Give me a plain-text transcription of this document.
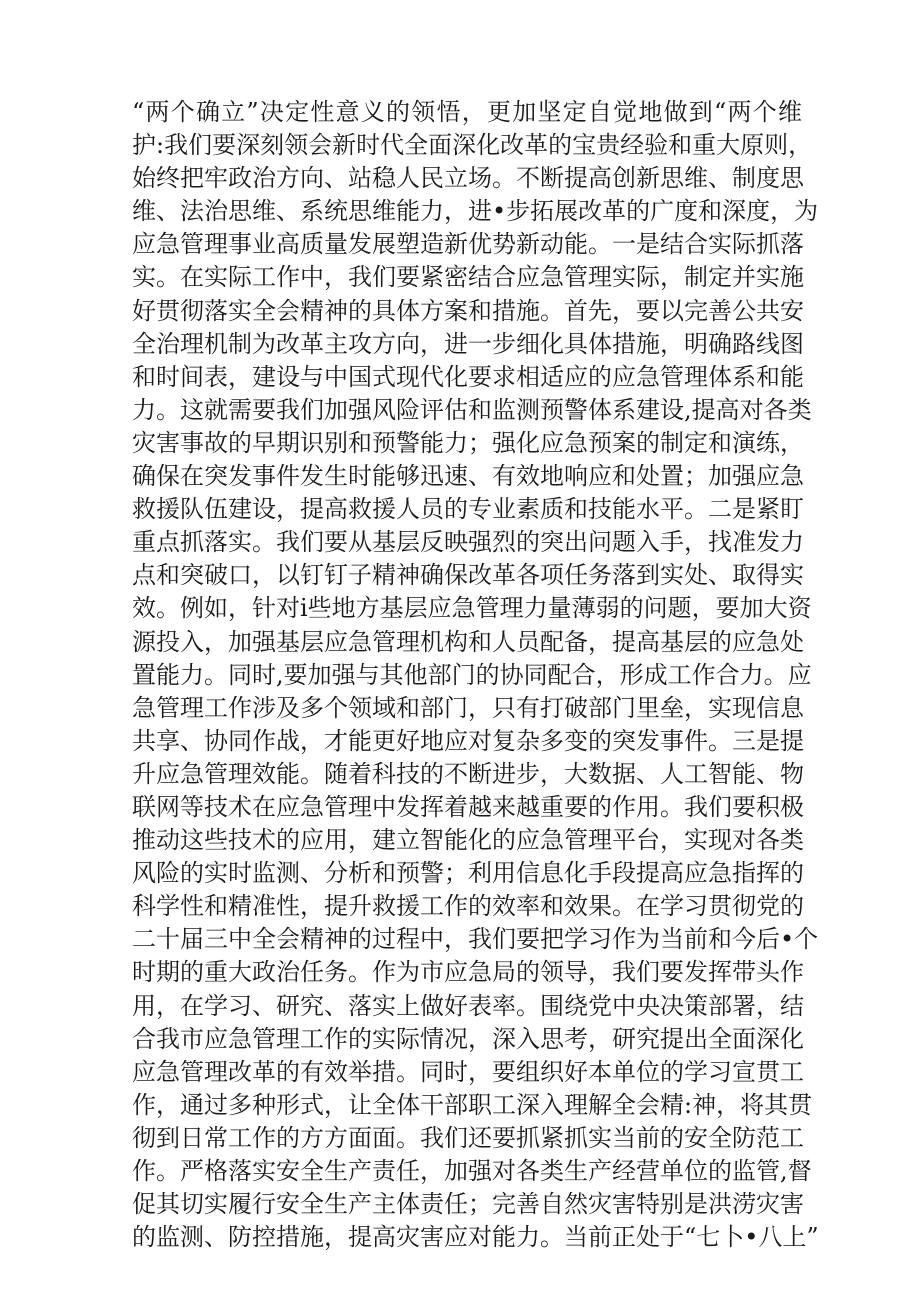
“两个确立”决定性意义的领悟，更加坚定自觉地做到“两个维
护:我们要深刻领会新时代全面深化改革的宝贵经验和重大原则，
始终把牢政治方向、站稳人民立场。不断提高创新思维、制度思
维、法治思维、系统思维能力，进•步拓展改革的广度和深度，为
应急管理事业高质量发展塑造新优势新动能。一是结合实际抓落
实。在实际工作中，我们要紧密结合应急管理实际，制定并实施
好贯彻落实全会精神的具体方案和措施。首先，要以完善公共安
全治理机制为改革主攻方向，进一步细化具体措施，明确路线图
和时间表，建设与中国式现代化要求相适应的应急管理体系和能
力。这就需要我们加强风险评估和监测预警体系建设,提高对各类
灾害事故的早期识别和预警能力；强化应急预案的制定和演练，
确保在突发事件发生时能够迅速、有效地响应和处置；加强应急
救援队伍建设，提高救援人员的专业素质和技能水平。二是紧盯
重点抓落实。我们要从基层反映强烈的突出问题入手，找准发力
点和突破口，以钉钉子精神确保改革各项任务落到实处、取得实
效。例如，针对i些地方基层应急管理力量薄弱的问题，要加大资
源投入，加强基层应急管理机构和人员配备，提高基层的应急处
置能力。同时,要加强与其他部门的协同配合，形成工作合力。应
急管理工作涉及多个领域和部门，只有打破部门里垒，实现信息
共享、协同作战，才能更好地应对复杂多变的突发事件。三是提
升应急管理效能。随着科技的不断进步，大数据、人工智能、物
联网等技术在应急管理中发挥着越来越重要的作用。我们要积极
推动这些技术的应用，建立智能化的应急管理平台，实现对各类
风险的实时监测、分析和预警；利用信息化手段提高应急指挥的
科学性和精准性，提升救援工作的效率和效果。在学习贯彻党的
二十届三中全会精神的过程中，我们要把学习作为当前和今后•个
时期的重大政治任务。作为市应急局的领导，我们要发挥带头作
用，在学习、研究、落实上做好表率。围绕党中央决策部署，结
合我市应急管理工作的实际情况，深入思考，研究提出全面深化
应急管理改革的有效举措。同时，要组织好本单位的学习宣贯工
作，通过多种形式，让全体干部职工深入理解全会精:神，将其贯
彻到日常工作的方方面面。我们还要抓紧抓实当前的安全防范工
作。严格落实安全生产责任，加强对各类生产经营单位的监管,督
促其切实履行安全生产主体责任；完善自然灾害特别是洪涝灾害
的监测、防控措施，提高灾害应对能力。当前正处于“七卜•八上”
